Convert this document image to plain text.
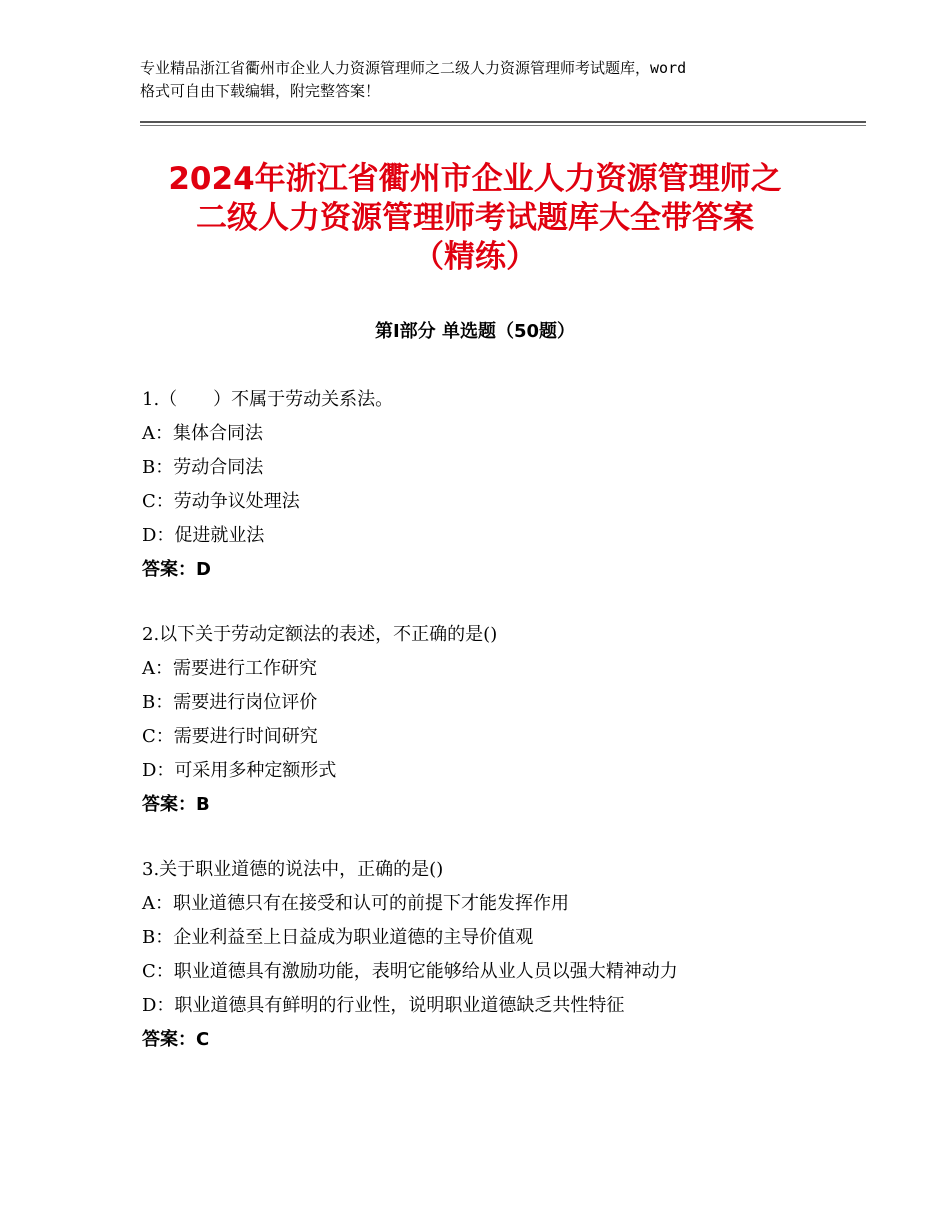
专业精品浙江省衢州市企业人力资源管理师之二级人力资源管理师考试题库，word
格式可自由下载编辑，附完整答案！
2024年浙江省衢州市企业人力资源管理师之
二级人力资源管理师考试题库大全带答案
（精练）
第Ⅰ部分 单选题（50题）
1.（　　）不属于劳动关系法。
A：集体合同法
B：劳动合同法
C：劳动争议处理法
D：促进就业法
答案：D
2.以下关于劳动定额法的表述，不正确的是()
A：需要进行工作研究
B：需要进行岗位评价
C：需要进行时间研究
D：可采用多种定额形式
答案：B
3.关于职业道德的说法中，正确的是()
A：职业道德只有在接受和认可的前提下才能发挥作用
B：企业利益至上日益成为职业道德的主导价值观
C：职业道德具有激励功能，表明它能够给从业人员以强大精神动力
D：职业道德具有鲜明的行业性，说明职业道德缺乏共性特征
答案：C
